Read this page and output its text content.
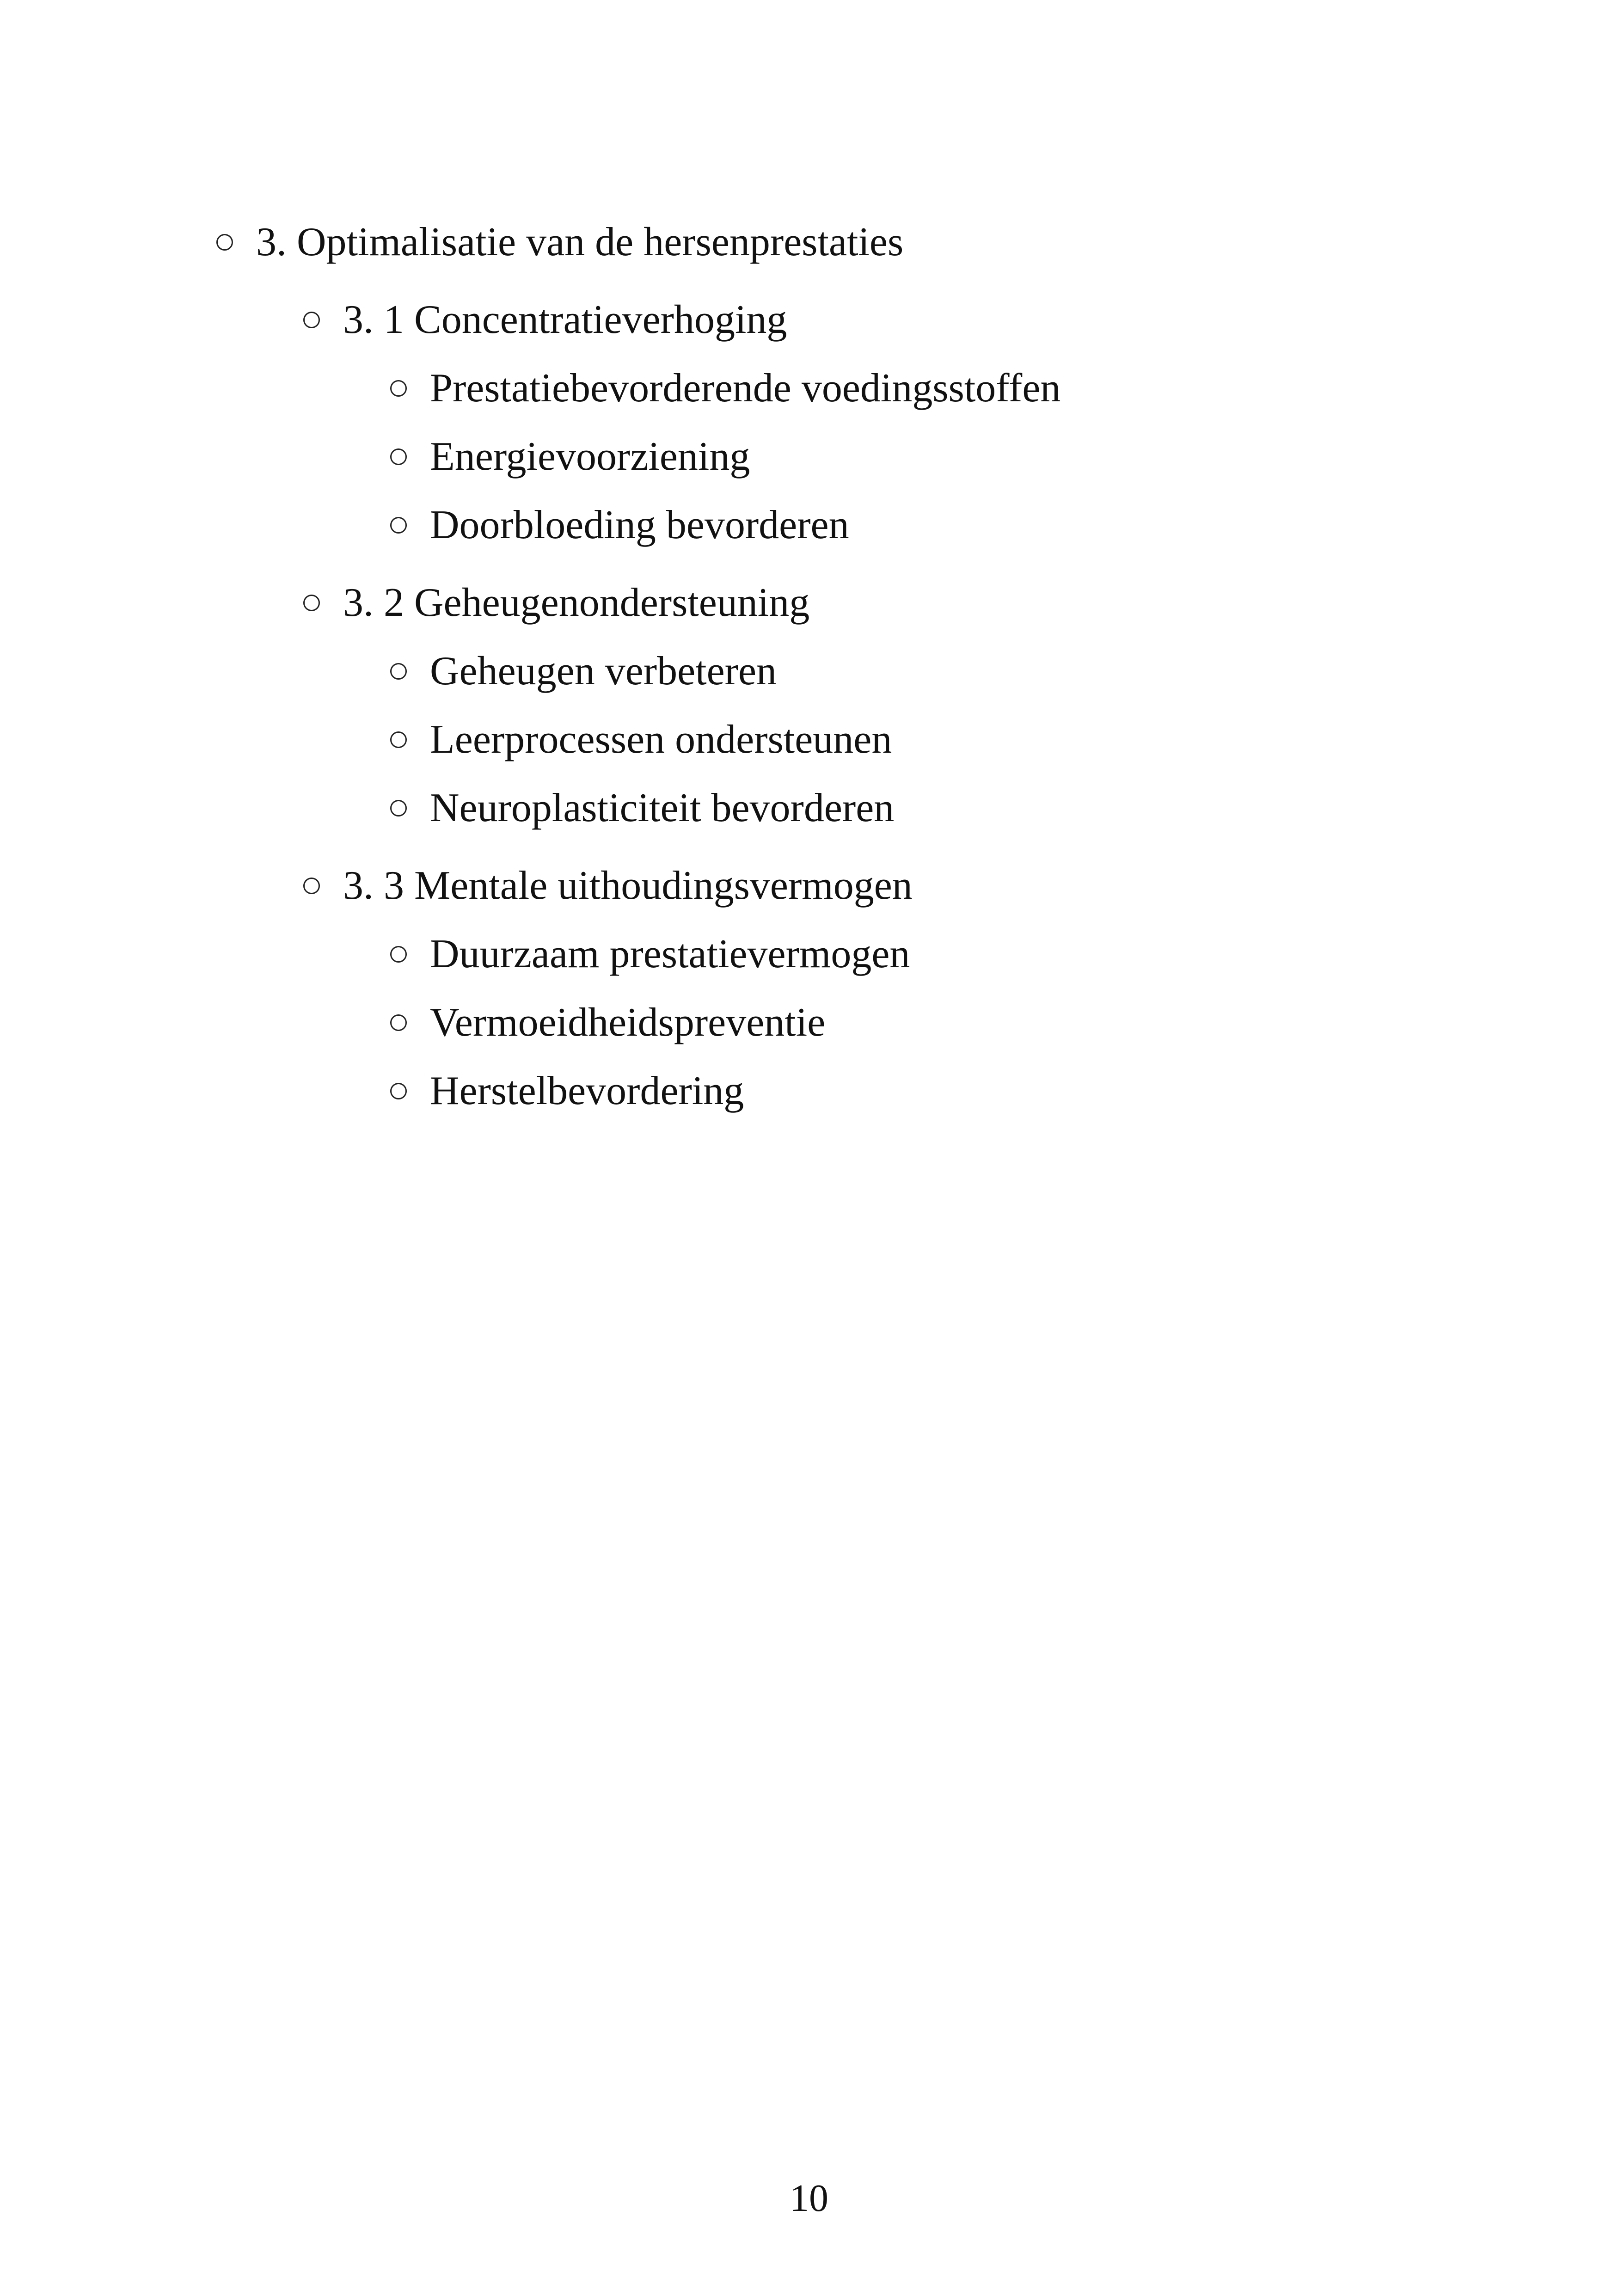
3. Optimalisatie van de hersenprestaties
3. 1 Concentratieverhoging
Prestatiebevorderende voedingsstoffen
Energievoorziening
Doorbloeding bevorderen
3. 2 Geheugenondersteuning
Geheugen verbeteren
Leerprocessen ondersteunen
Neuroplasticiteit bevorderen
3. 3 Mentale uithoudingsvermogen
Duurzaam prestatievermogen
Vermoeidheidspreventie
Herstelbevordering
10
